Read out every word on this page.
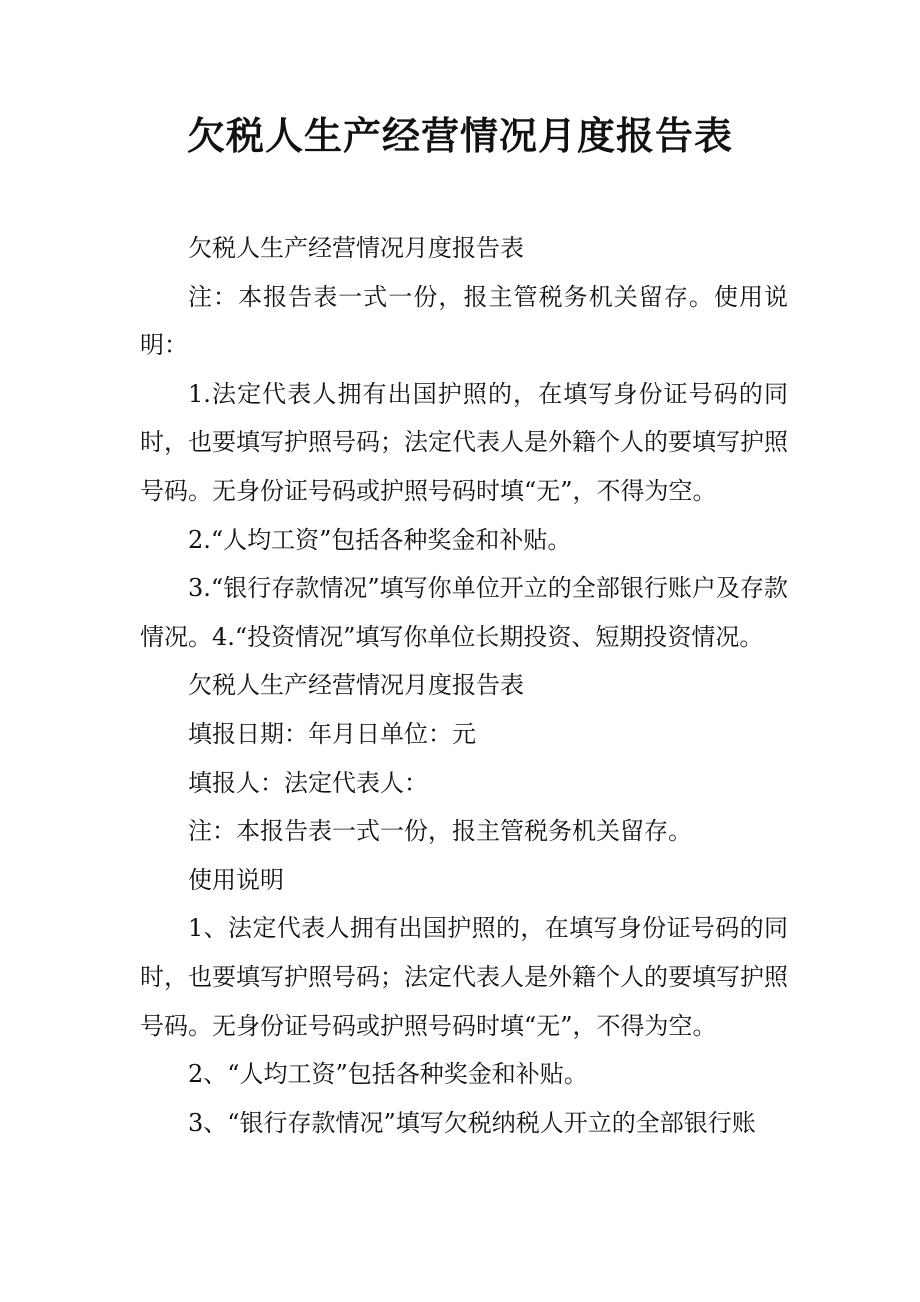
欠税人生产经营情况月度报告表

欠税人生产经营情况月度报告表

注：本报告表一式一份，报主管税务机关留存。使用说明：

1.法定代表人拥有出国护照的，在填写身份证号码的同时，也要填写护照号码；法定代表人是外籍个人的要填写护照号码。无身份证号码或护照号码时填“无”，不得为空。

2.“人均工资”包括各种奖金和补贴。

3.“银行存款情况”填写你单位开立的全部银行账户及存款情况。4.“投资情况”填写你单位长期投资、短期投资情况。

欠税人生产经营情况月度报告表

填报日期：年月日单位：元

填报人：法定代表人：

注：本报告表一式一份，报主管税务机关留存。

使用说明

1、法定代表人拥有出国护照的，在填写身份证号码的同时，也要填写护照号码；法定代表人是外籍个人的要填写护照号码。无身份证号码或护照号码时填“无”，不得为空。

2、“人均工资”包括各种奖金和补贴。

3、“银行存款情况”填写欠税纳税人开立的全部银行账
